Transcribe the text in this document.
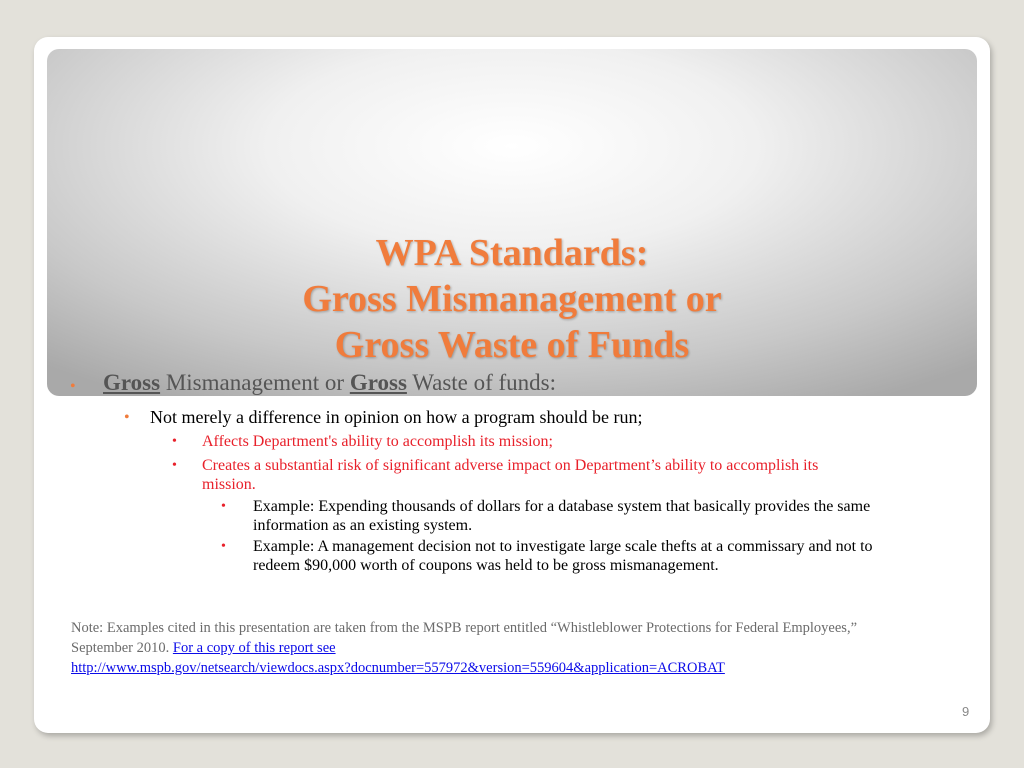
WPA Standards:
Gross Mismanagement or
Gross Waste of Funds
• Gross Mismanagement or Gross Waste of funds:
• Not merely a difference in opinion on how a program should be run;
• Affects Department's ability to accomplish its mission;
• Creates a substantial risk of significant adverse impact on Department’s ability to accomplish its mission.
• Example: Expending thousands of dollars for a database system that basically provides the same information as an existing system.
• Example: A management decision not to investigate large scale thefts at a commissary and not to redeem $90,000 worth of coupons was held to be gross mismanagement.
Note: Examples cited in this presentation are taken from the MSPB report entitled “Whistleblower Protections for Federal Employees,” September 2010. For a copy of this report see
http://www.mspb.gov/netsearch/viewdocs.aspx?docnumber=557972&version=559604&application=ACROBAT
9
